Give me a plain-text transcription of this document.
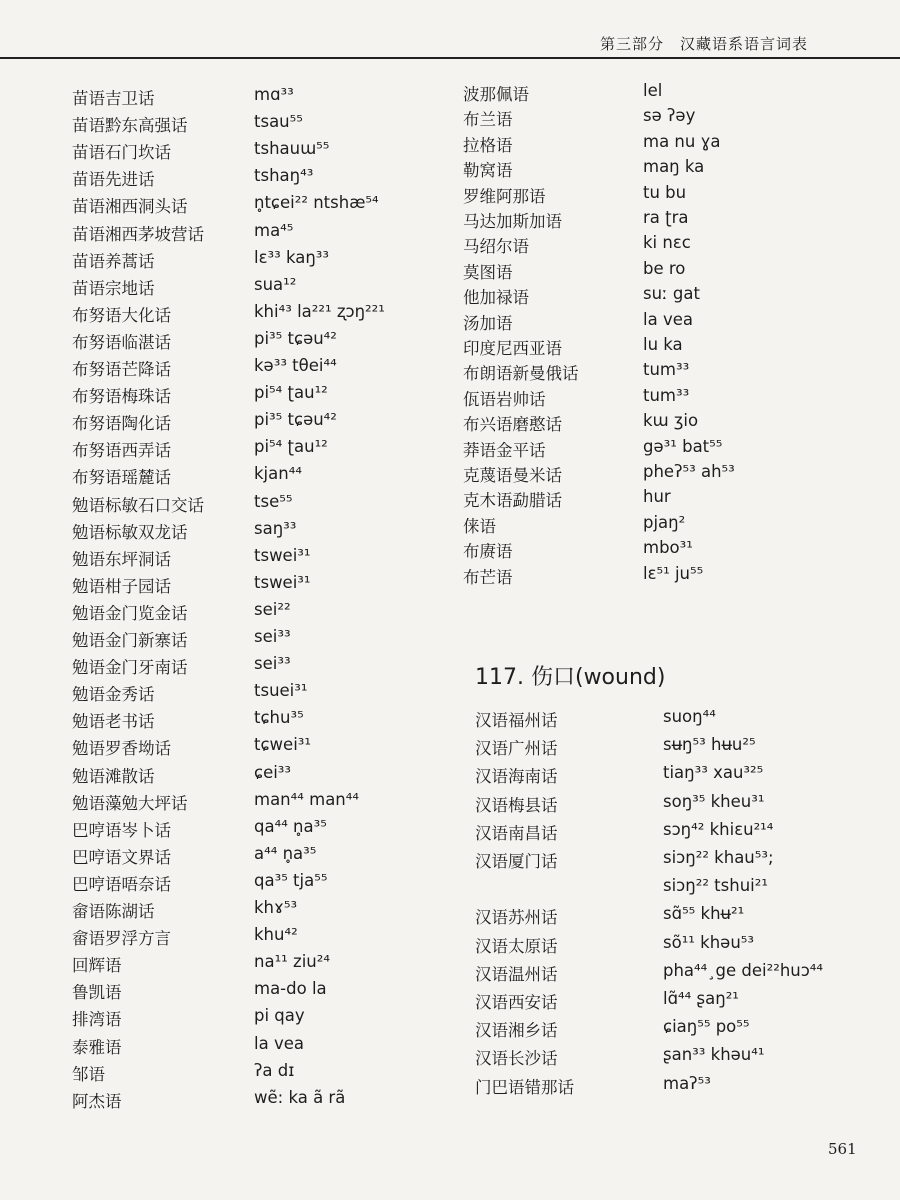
第三部分　汉藏语系语言词表
苗语吉卫话	mɑ³³
苗语黔东高强话	tsau⁵⁵
苗语石门坎话	tshauɯ⁵⁵
苗语先进话	tshaŋ⁴³
苗语湘西洞头话	n̥tɕei²² ntshæ⁵⁴
苗语湘西茅坡营话	ma⁴⁵
苗语养蒿话	lɛ³³ kaŋ³³
苗语宗地话	sua¹²
布努语大化话	khi⁴³ la²²¹ ʐɔŋ²²¹
布努语临湛话	pi³⁵ tɕəu⁴²
布努语芒降话	kə³³ tθei⁴⁴
布努语梅珠话	pi⁵⁴ ʈau¹²
布努语陶化话	pi³⁵ tɕəu⁴²
布努语西弄话	pi⁵⁴ ʈau¹²
布努语瑶麓话	kjan⁴⁴
勉语标敏石口交话	tse⁵⁵
勉语标敏双龙话	saŋ³³
勉语东坪洞话	tswei³¹
勉语柑子园话	tswei³¹
勉语金门览金话	sei²²
勉语金门新寨话	sei³³
勉语金门牙南话	sei³³
勉语金秀话	tsuei³¹
勉语老书话	tɕhu³⁵
勉语罗香坳话	tɕwei³¹
勉语滩散话	ɕei³³
勉语藻勉大坪话	man⁴⁴ man⁴⁴
巴哼语岑卜话	qa⁴⁴ n̥a³⁵
巴哼语文界话	a⁴⁴ n̥a³⁵
巴哼语唔奈话	qa³⁵ tja⁵⁵
畲语陈湖话	khɤ⁵³
畲语罗浮方言	khu⁴²
回辉语	na¹¹ ziu²⁴
鲁凯语	ma-do la
排湾语	pi qay
泰雅语	la vea
邹语	ʔa dɪ
阿杰语	wẽ: ka ã rã
波那佩语	lel
布兰语	sə ʔəy
拉格语	ma nu ɣa
勒窝语	maŋ ka
罗维阿那语	tu bu
马达加斯加语	ra ʈra
马绍尔语	ki nɛc
莫图语	be ro
他加禄语	suː gat
汤加语	la vea
印度尼西亚语	lu ka
布朗语新曼俄话	tum³³
佤语岩帅话	tum³³
布兴语磨憨话	kɯ ʒio
莽语金平话	gə³¹ bat⁵⁵
克蔑语曼米话	pheʔ⁵³ ah⁵³
克木语勐腊话	hur
俫语	pjaŋ²
布赓语	mbo³¹
布芒语	lɛ⁵¹ ju⁵⁵
117. 伤口(wound)
汉语福州话	suoŋ⁴⁴
汉语广州话	sʉŋ⁵³ hʉu²⁵
汉语海南话	tiaŋ³³ xau³²⁵
汉语梅县话	soŋ³⁵ kheu³¹
汉语南昌话	sɔŋ⁴² khiɛu²¹⁴
汉语厦门话	siɔŋ²² khau⁵³;
siɔŋ²² tshui²¹
汉语苏州话	sɑ̃⁵⁵ khʉ²¹
汉语太原话	sõ¹¹ khəu⁵³
汉语温州话	pha⁴⁴¸ge dei²²huɔ⁴⁴
汉语西安话	lɑ̃⁴⁴ ʂaŋ²¹
汉语湘乡话	ɕiaŋ⁵⁵ po⁵⁵
汉语长沙话	ʂan³³ khəu⁴¹
门巴语错那话	maʔ⁵³
561
